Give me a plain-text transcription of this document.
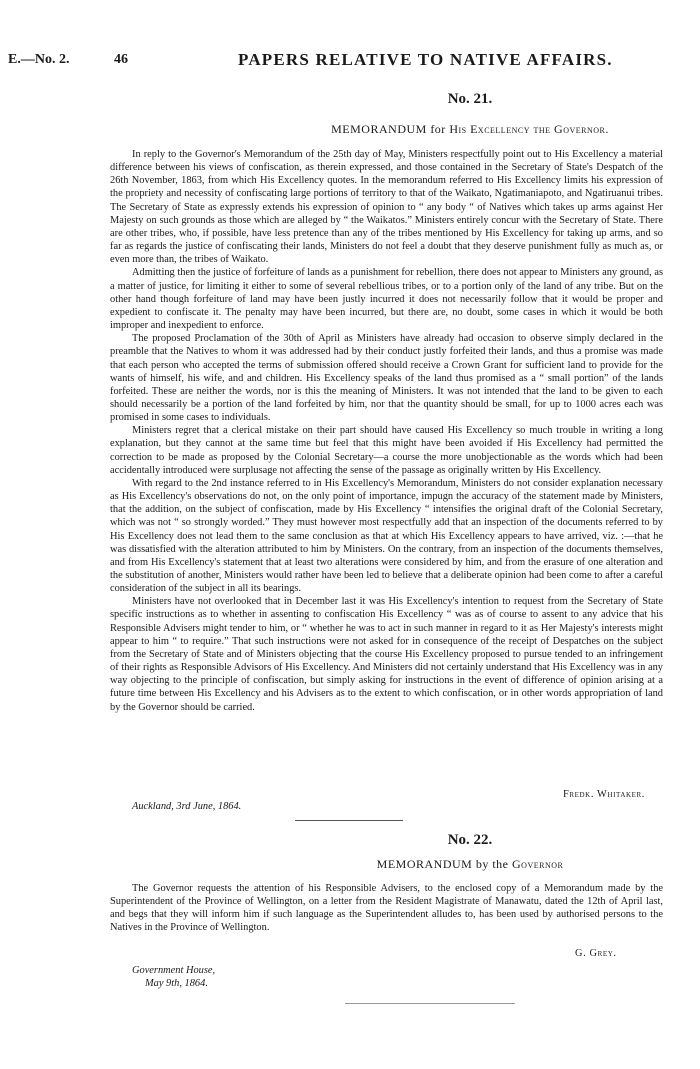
E.—No. 2.	46	PAPERS RELATIVE TO NATIVE AFFAIRS.
No. 21.
MEMORANDUM for His Excellency the Governor.

In reply to the Governor's Memorandum of the 25th day of May, Ministers respectfully point out to His Excellency a material difference between his views of confiscation, as therein expressed, and those contained in the Secretary of State's Despatch of the 26th November, 1863, from which His Excellency quotes. In the memorandum referred to His Excellency limits his expression of the propriety and necessity of confiscating large portions of territory to that of the Waikato, Ngatimaniapoto, and Ngatiruanui tribes. The Secretary of State as expressly extends his expression of opinion to “ any body “ of Natives which takes up arms against Her Majesty on such grounds as those which are alleged by “ the Waikatos.” Ministers entirely concur with the Secretary of State. There are other tribes, who, if possible, have less pretence than any of the tribes mentioned by His Excellency for taking up arms, and so far as regards the justice of confiscating their lands, Ministers do not feel a doubt that they deserve punishment fully as much as, or even more than, the tribes of Waikato.

Admitting then the justice of forfeiture of lands as a punishment for rebellion, there does not appear to Ministers any ground, as a matter of justice, for limiting it either to some of several rebellious tribes, or to a portion only of the land of any tribe. But on the other hand though forfeiture of land may have been justly incurred it does not necessarily follow that it would be proper and expedient to confiscate it. The penalty may have been incurred, but there are, no doubt, some cases in which it would be both improper and inexpedient to enforce.

The proposed Proclamation of the 30th of April as Ministers have already had occasion to observe simply declared in the preamble that the Natives to whom it was addressed had by their conduct justly forfeited their lands, and thus a promise was made that each person who accepted the terms of submission offered should receive a Crown Grant for sufficient land to provide for the wants of himself, his wife, and and children. His Excellency speaks of the land thus promised as a “ small portion” of the lands forfeited. These are neither the words, nor is this the meaning of Ministers. It was not intended that the land to be given to each should necessarily be a portion of the land forfeited by him, nor that the quantity should be small, for up to 1000 acres each was promised in some cases to individuals.

Ministers regret that a clerical mistake on their part should have caused His Excellency so much trouble in writing a long explanation, but they cannot at the same time but feel that this might have been avoided if His Excellency had permitted the correction to be made as proposed by the Colonial Secretary—a course the more unobjectionable as the words which had been accidentally introduced were surplusage not affecting the sense of the passage as originally written by His Excellency.

With regard to the 2nd instance referred to in His Excellency's Memorandum, Ministers do not consider explanation necessary as His Excellency's observations do not, on the only point of importance, impugn the accuracy of the statement made by Ministers, that the addition, on the subject of confiscation, made by His Excellency “ intensifies the original draft of the Colonial Secretary, which was not “ so strongly worded.” They must however most respectfully add that an inspection of the documents referred to by His Excellency does not lead them to the same conclusion as that at which His Excellency appears to have arrived, viz. :—that he was dissatisfied with the alteration attributed to him by Ministers. On the contrary, from an inspection of the documents themselves, and from His Excellency's statement that at least two alterations were considered by him, and from the erasure of one alteration and the substitution of another, Ministers would rather have been led to believe that a deliberate opinion had been come to after a careful consideration of the subject in all its bearings.

Ministers have not overlooked that in December last it was His Excellency's intention to request from the Secretary of State specific instructions as to whether in assenting to confiscation His Excellency “ was as of course to assent to any advice that his Responsible Advisers might tender to him, or “ whether he was to act in such manner in regard to it as Her Majesty's interests might appear to him “ to require.” That such instructions were not asked for in consequence of the receipt of Despatches on the subject from the Secretary of State and of Ministers objecting that the course His Excellency proposed to pursue tended to an infringement of their rights as Responsible Advisors of His Excellency. And Ministers did not certainly understand that His Excellency was in any way objecting to the principle of confiscation, but simply asking for instructions in the event of difference of opinion arising at a future time between His Excellency and his Advisers as to the extent to which confiscation, or in other words appropriation of land by the Governor should be carried.

Fredk. Whitaker.
Auckland, 3rd June, 1864.
No. 22.
MEMORANDUM by the Governor

The Governor requests the attention of his Responsible Advisers, to the enclosed copy of a Memorandum made by the Superintendent of the Province of Wellington, on a letter from the Resident Magistrate of Manawatu, dated the 12th of April last, and begs that they will inform him if such language as the Superintendent alludes to, has been used by authorised persons to the Natives in the Province of Wellington.

G. Grey.
Government House,
May 9th, 1864.
